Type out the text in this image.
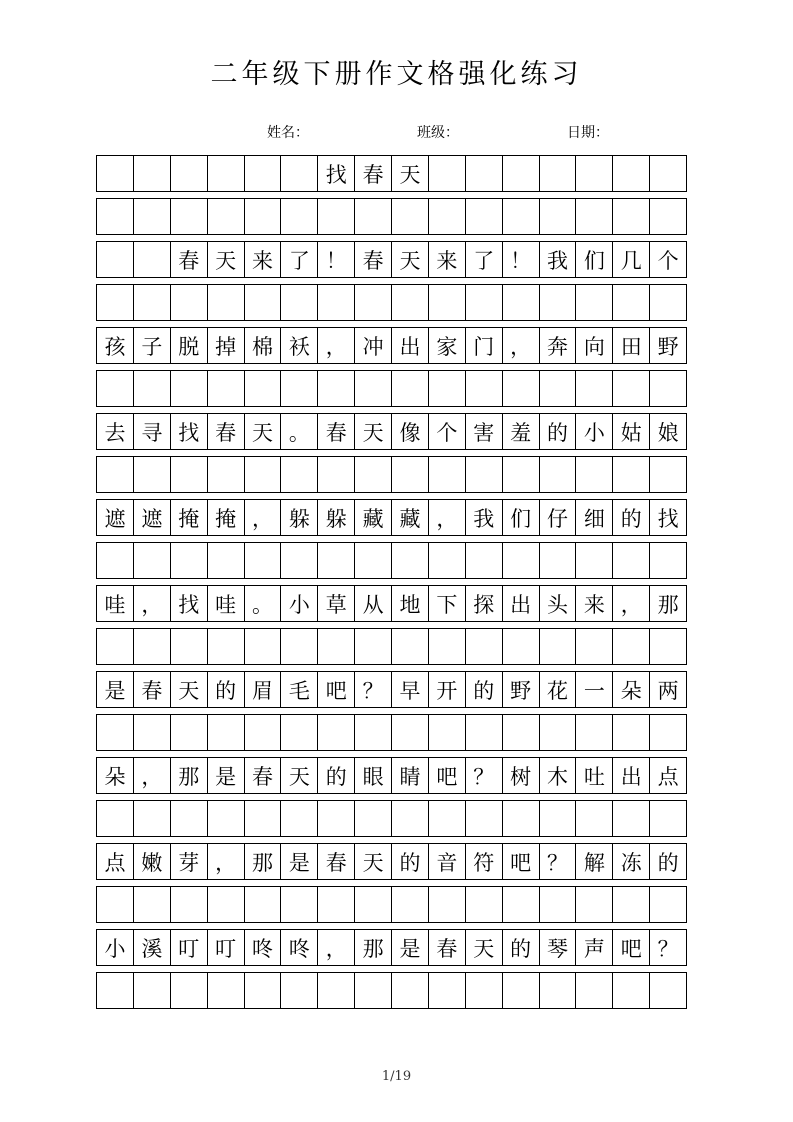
二年级下册作文格强化练习
姓名：	班级：	日期：
找 春 天
春 天 来 了 ！ 春 天 来 了 ！ 我 们 几 个
孩 子 脱 掉 棉 袄 ， 冲 出 家 门 ， 奔 向 田 野
去 寻 找 春 天 。 春 天 像 个 害 羞 的 小 姑 娘
遮 遮 掩 掩 ， 躲 躲 藏 藏 ， 我 们 仔 细 的 找
哇 ， 找 哇 。 小 草 从 地 下 探 出 头 来 ， 那
是 春 天 的 眉 毛 吧 ？ 早 开 的 野 花 一 朵 两
朵 ， 那 是 春 天 的 眼 睛 吧 ？ 树 木 吐 出 点
点 嫩 芽 ， 那 是 春 天 的 音 符 吧 ？ 解 冻 的
小 溪 叮 叮 咚 咚 ， 那 是 春 天 的 琴 声 吧 ？
1/19
